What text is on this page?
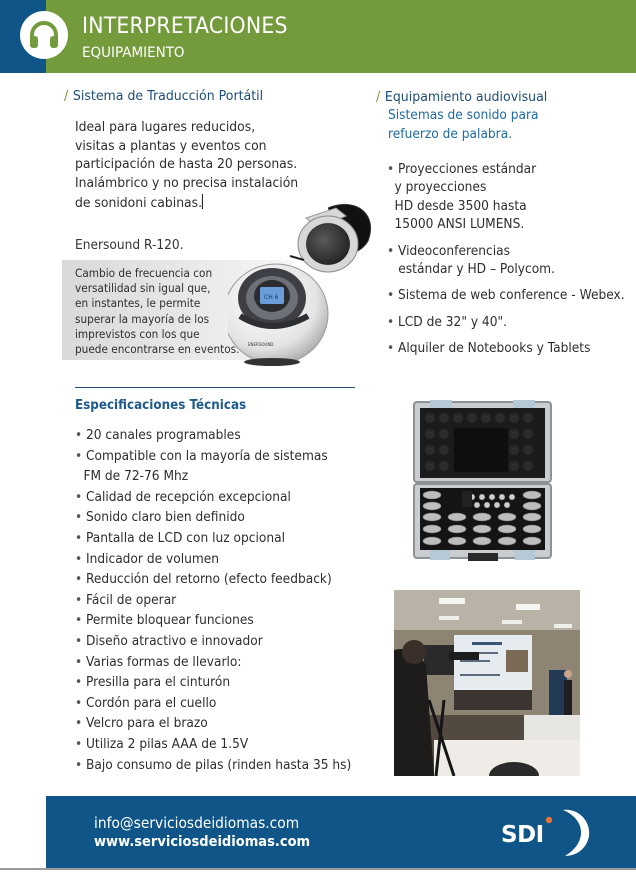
INTERPRETACIONES
EQUIPAMIENTO
/ Sistema de Traducción Portátil
Ideal para lugares reducidos,
visitas a plantas y eventos con
participación de hasta 20 personas.
Inalámbrico y no precisa instalación
de sonidoni cabinas.
Enersound R-120.
Cambio de frecuencia con
versatilidad sin igual que,
en instantes, le permite
superar la mayoría de los
imprevistos con los que
puede encontrarse en eventos.
CH 6
ENERSOUND
/ Equipamiento audiovisual
Sistemas de sonido para
refuerzo de palabra.
• Proyecciones estándar
y proyecciones
HD desde 3500 hasta
15000 ANSI LUMENS.
• Videoconferencias
estándar y HD – Polycom.
• Sistema de web conference - Webex.
• LCD de 32" y 40".
• Alquiler de Notebooks y Tablets
Especificaciones Técnicas
• 20 canales programables
• Compatible con la mayoría de sistemas
FM de 72-76 Mhz
• Calidad de recepción excepcional
• Sonido claro bien definido
• Pantalla de LCD con luz opcional
• Indicador de volumen
• Reducción del retorno (efecto feedback)
• Fácil de operar
• Permite bloquear funciones
• Diseño atractivo e innovador
• Varias formas de llevarlo:
• Presilla para el cinturón
• Cordón para el cuello
• Velcro para el brazo
• Utiliza 2 pilas AAA de 1.5V
• Bajo consumo de pilas (rinden hasta 35 hs)
info@serviciosdeidiomas.com
www.serviciosdeidiomas.com	SDI
